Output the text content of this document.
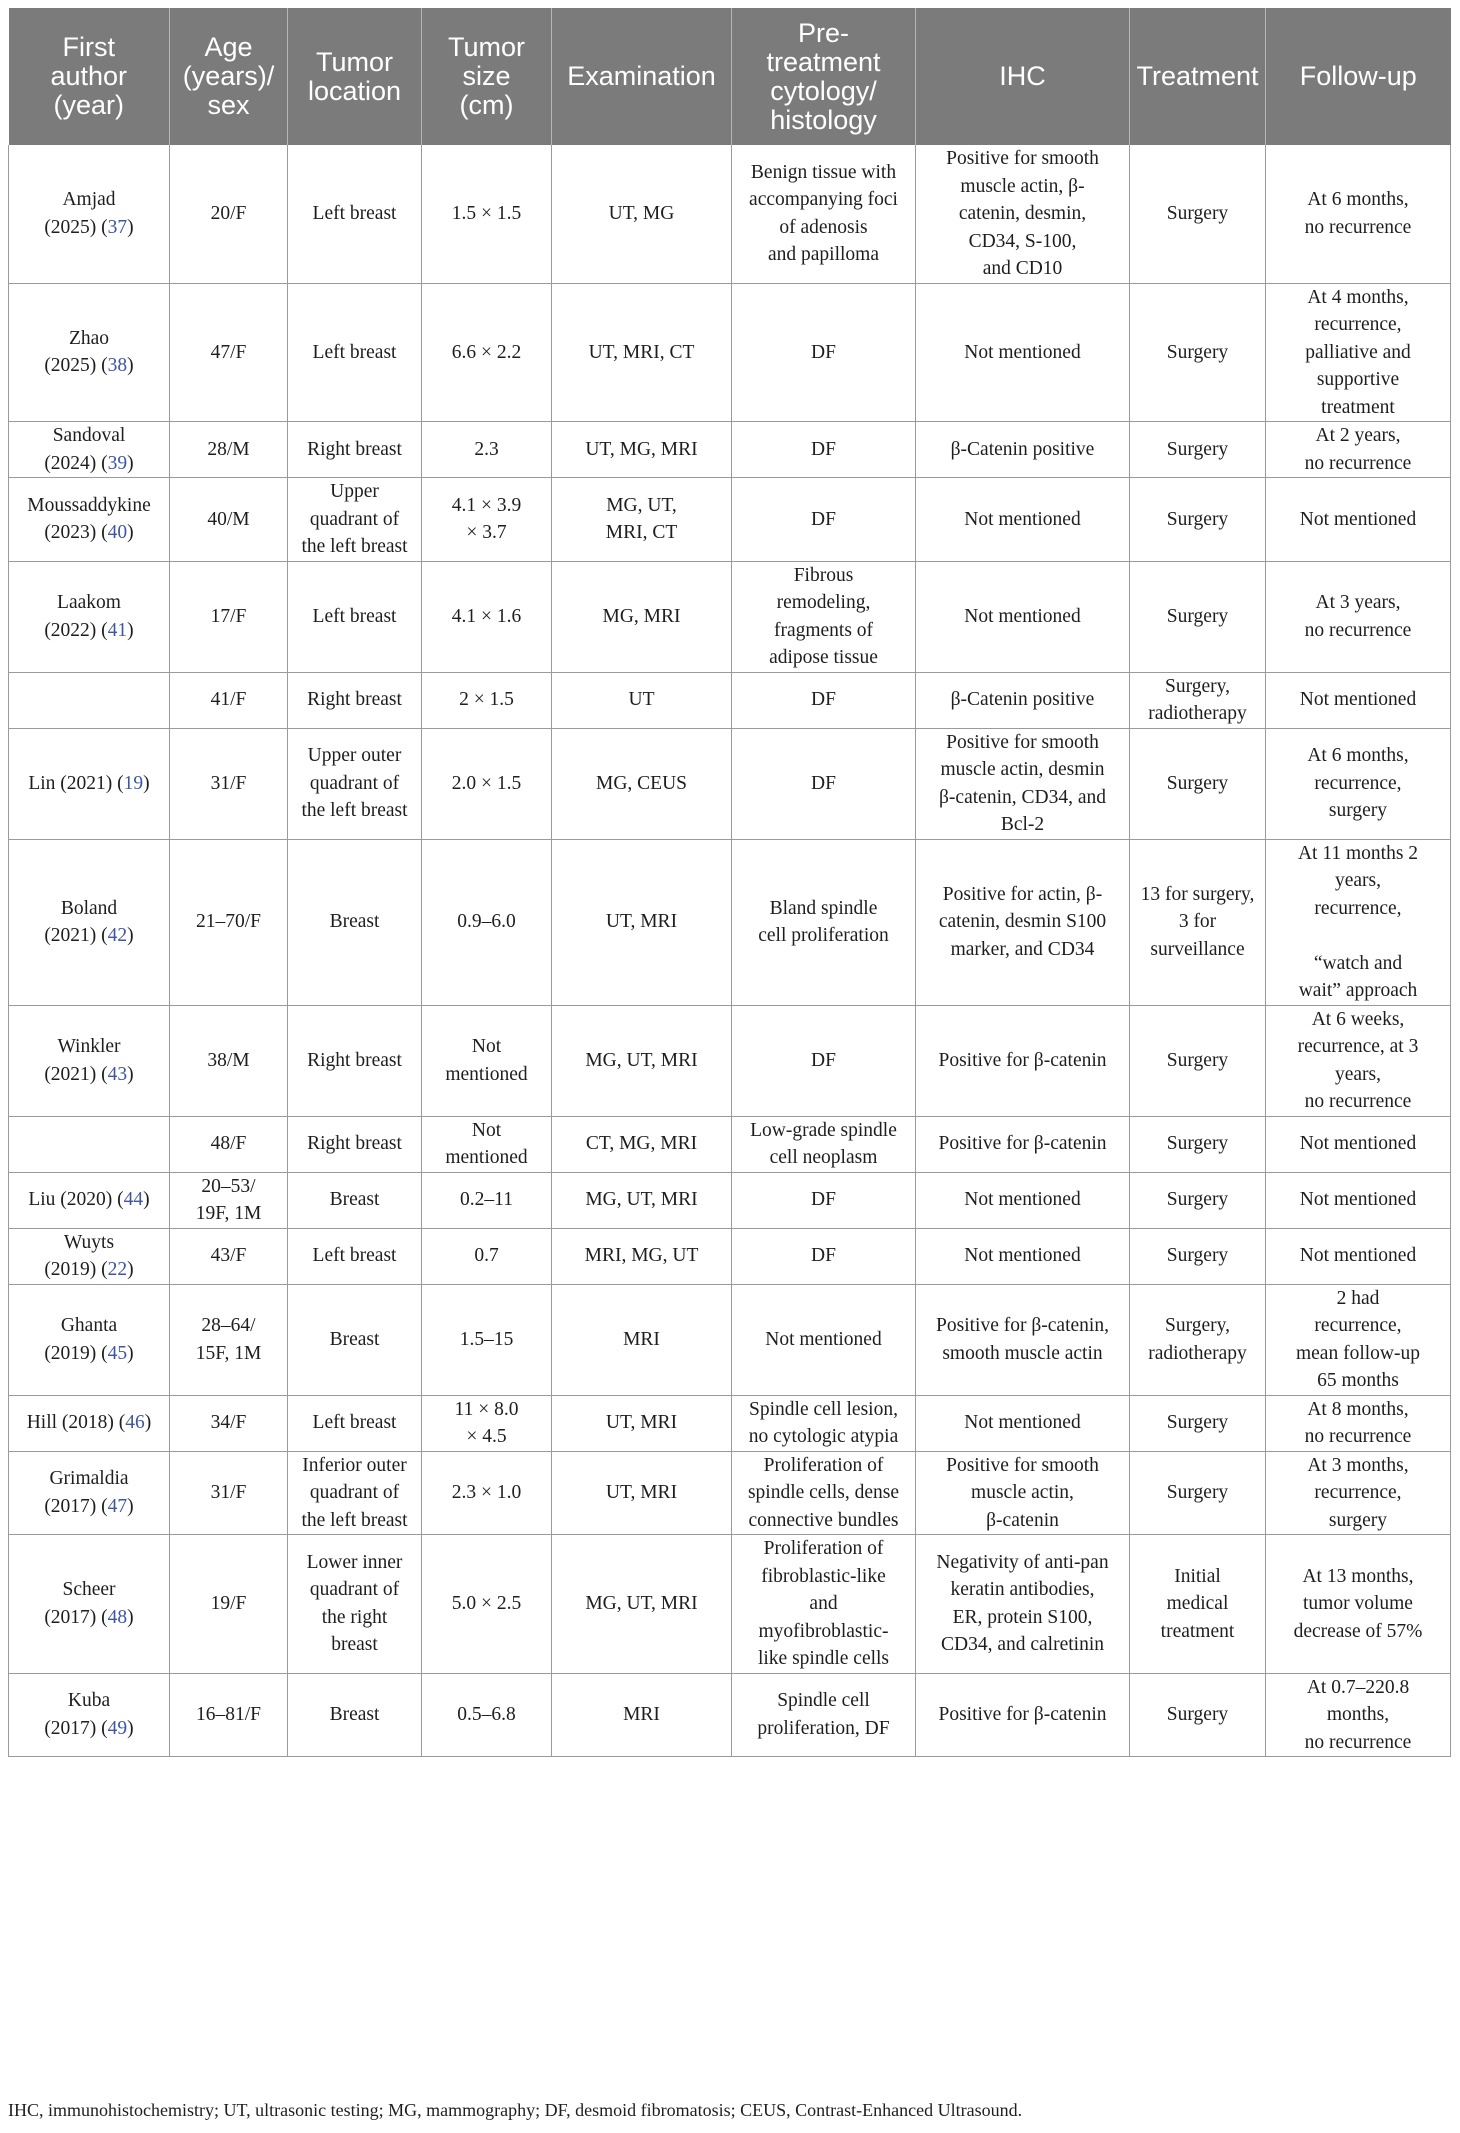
First
author
(year)	Age
(years)/
sex	Tumor
location	Tumor
size
(cm)	Examination	Pre-
treatment
cytology/
histology	IHC	Treatment	Follow-up
Amjad
(2025) (37)	20/F	Left breast	1.5 × 1.5	UT, MG	Benign tissue with
accompanying foci
of adenosis
and papilloma	Positive for smooth
muscle actin, β-
catenin, desmin,
CD34, S-100,
and CD10	Surgery	At 6 months,
no recurrence
Zhao
(2025) (38)	47/F	Left breast	6.6 × 2.2	UT, MRI, CT	DF	Not mentioned	Surgery	At 4 months,
recurrence,
palliative and
supportive
treatment
Sandoval
(2024) (39)	28/M	Right breast	2.3	UT, MG, MRI	DF	β-Catenin positive	Surgery	At 2 years,
no recurrence
Moussaddykine
(2023) (40)	40/M	Upper
quadrant of
the left breast	4.1 × 3.9
× 3.7	MG, UT,
MRI, CT	DF	Not mentioned	Surgery	Not mentioned
Laakom
(2022) (41)	17/F	Left breast	4.1 × 1.6	MG, MRI	Fibrous
remodeling,
fragments of
adipose tissue	Not mentioned	Surgery	At 3 years,
no recurrence
	41/F	Right breast	2 × 1.5	UT	DF	β-Catenin positive	Surgery,
radiotherapy	Not mentioned
Lin (2021) (19)	31/F	Upper outer
quadrant of
the left breast	2.0 × 1.5	MG, CEUS	DF	Positive for smooth
muscle actin, desmin
β-catenin, CD34, and
Bcl-2	Surgery	At 6 months,
recurrence,
surgery
Boland
(2021) (42)	21–70/F	Breast	0.9–6.0	UT, MRI	Bland spindle
cell proliferation	Positive for actin, β-
catenin, desmin S100
marker, and CD34	13 for surgery,
3 for
surveillance	At 11 months 2
years,
recurrence,

“watch and
wait” approach
Winkler
(2021) (43)	38/M	Right breast	Not
mentioned	MG, UT, MRI	DF	Positive for β-catenin	Surgery	At 6 weeks,
recurrence, at 3
years,
no recurrence
	48/F	Right breast	Not
mentioned	CT, MG, MRI	Low-grade spindle
cell neoplasm	Positive for β-catenin	Surgery	Not mentioned
Liu (2020) (44)	20–53/
19F, 1M	Breast	0.2–11	MG, UT, MRI	DF	Not mentioned	Surgery	Not mentioned
Wuyts
(2019) (22)	43/F	Left breast	0.7	MRI, MG, UT	DF	Not mentioned	Surgery	Not mentioned
Ghanta
(2019) (45)	28–64/
15F, 1M	Breast	1.5–15	MRI	Not mentioned	Positive for β-catenin,
smooth muscle actin	Surgery,
radiotherapy	2 had
recurrence,
mean follow-up
65 months
Hill (2018) (46)	34/F	Left breast	11 × 8.0
× 4.5	UT, MRI	Spindle cell lesion,
no cytologic atypia	Not mentioned	Surgery	At 8 months,
no recurrence
Grimaldia
(2017) (47)	31/F	Inferior outer
quadrant of
the left breast	2.3 × 1.0	UT, MRI	Proliferation of
spindle cells, dense
connective bundles	Positive for smooth
muscle actin,
β-catenin	Surgery	At 3 months,
recurrence,
surgery
Scheer
(2017) (48)	19/F	Lower inner
quadrant of
the right
breast	5.0 × 2.5	MG, UT, MRI	Proliferation of
fibroblastic-like
and
myofibroblastic-
like spindle cells	Negativity of anti-pan
keratin antibodies,
ER, protein S100,
CD34, and calretinin	Initial
medical
treatment	At 13 months,
tumor volume
decrease of 57%
Kuba
(2017) (49)	16–81/F	Breast	0.5–6.8	MRI	Spindle cell
proliferation, DF	Positive for β-catenin	Surgery	At 0.7–220.8
months,
no recurrence
IHC, immunohistochemistry; UT, ultrasonic testing; MG, mammography; DF, desmoid fibromatosis; CEUS, Contrast-Enhanced Ultrasound.
